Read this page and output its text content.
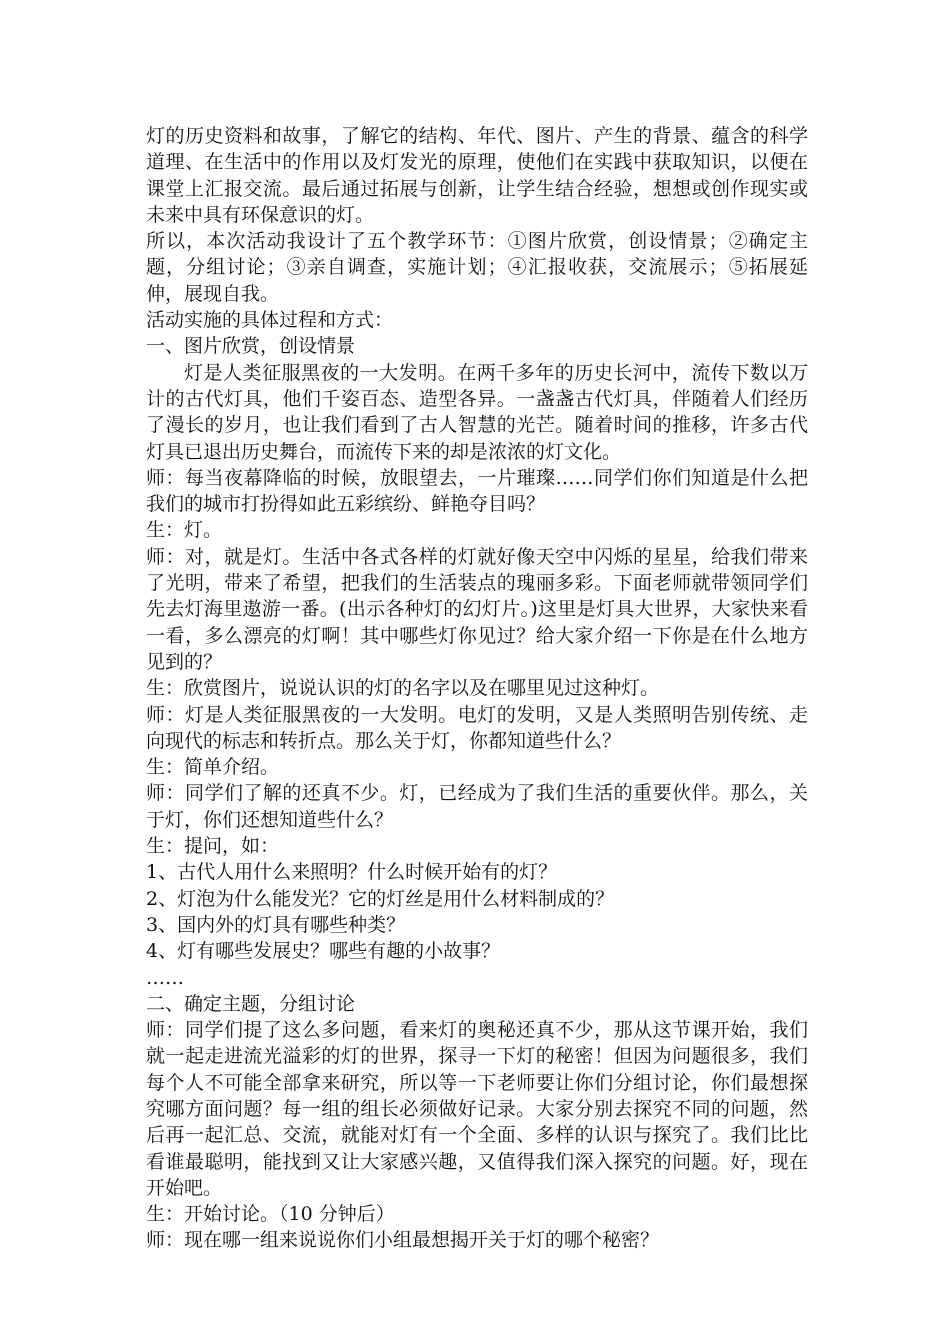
灯的历史资料和故事，了解它的结构、年代、图片、产生的背景、蕴含的科学道理、在生活中的作用以及灯发光的原理，使他们在实践中获取知识，以便在课堂上汇报交流。最后通过拓展与创新，让学生结合经验，想想或创作现实或未来中具有环保意识的灯。

所以，本次活动我设计了五个教学环节：①图片欣赏，创设情景；②确定主题，分组讨论；③亲自调查，实施计划；④汇报收获，交流展示；⑤拓展延伸，展现自我。

活动实施的具体过程和方式：

一、图片欣赏，创设情景

灯是人类征服黑夜的一大发明。在两千多年的历史长河中，流传下数以万计的古代灯具，他们千姿百态、造型各异。一盏盏古代灯具，伴随着人们经历了漫长的岁月，也让我们看到了古人智慧的光芒。随着时间的推移，许多古代灯具已退出历史舞台，而流传下来的却是浓浓的灯文化。

师：每当夜幕降临的时候，放眼望去，一片璀璨……同学们你们知道是什么把我们的城市打扮得如此五彩缤纷、鲜艳夺目吗？

生：灯。

师：对，就是灯。生活中各式各样的灯就好像天空中闪烁的星星，给我们带来了光明，带来了希望，把我们的生活装点的瑰丽多彩。下面老师就带领同学们先去灯海里遨游一番。(出示各种灯的幻灯片。)这里是灯具大世界，大家快来看一看，多么漂亮的灯啊！其中哪些灯你见过？给大家介绍一下你是在什么地方见到的？

生：欣赏图片，说说认识的灯的名字以及在哪里见过这种灯。

师：灯是人类征服黑夜的一大发明。电灯的发明，又是人类照明告别传统、走向现代的标志和转折点。那么关于灯，你都知道些什么？

生：简单介绍。

师：同学们了解的还真不少。灯，已经成为了我们生活的重要伙伴。那么，关于灯，你们还想知道些什么？

生：提问，如：

1、古代人用什么来照明？什么时候开始有的灯？

2、灯泡为什么能发光？它的灯丝是用什么材料制成的？

3、国内外的灯具有哪些种类？

4、灯有哪些发展史？哪些有趣的小故事？

……

二、确定主题，分组讨论

师：同学们提了这么多问题，看来灯的奥秘还真不少，那从这节课开始，我们就一起走进流光溢彩的灯的世界，探寻一下灯的秘密！但因为问题很多，我们每个人不可能全部拿来研究，所以等一下老师要让你们分组讨论，你们最想探究哪方面问题？每一组的组长必须做好记录。大家分别去探究不同的问题，然后再一起汇总、交流，就能对灯有一个全面、多样的认识与探究了。我们比比看谁最聪明，能找到又让大家感兴趣，又值得我们深入探究的问题。好，现在开始吧。

生：开始讨论。（10 分钟后）

师：现在哪一组来说说你们小组最想揭开关于灯的哪个秘密？
